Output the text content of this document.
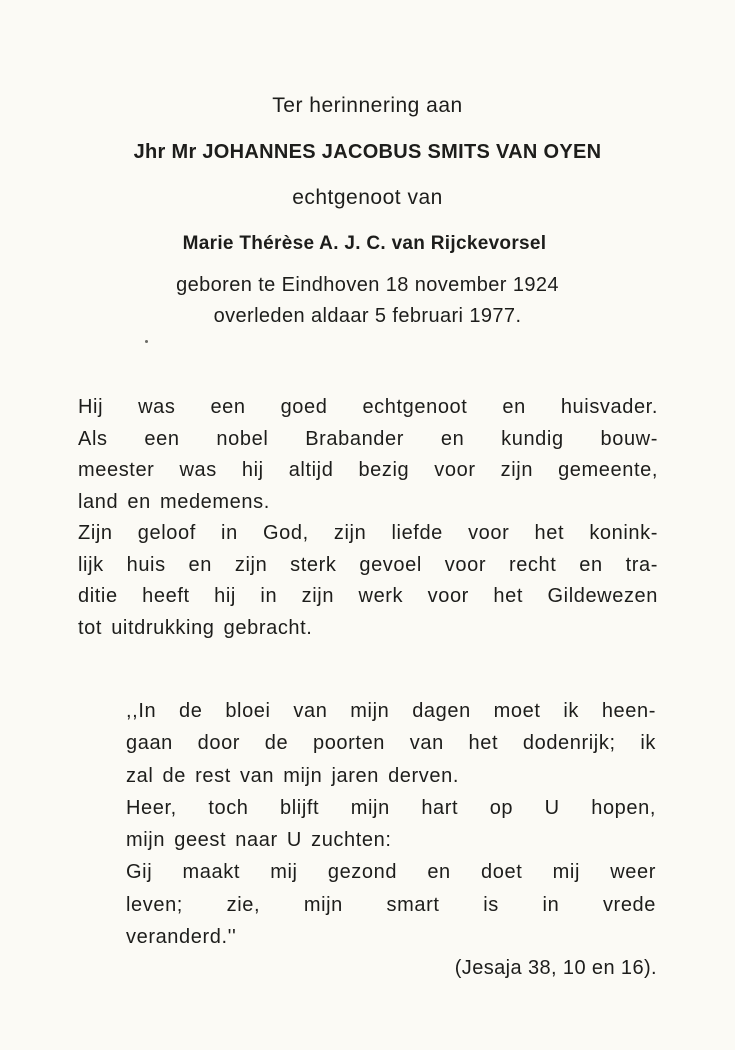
Ter herinnering aan
Jhr Mr JOHANNES JACOBUS SMITS VAN OYEN
echtgenoot van
Marie Thérèse A. J. C. van Rijckevorsel
geboren te Eindhoven 18 november 1924
overleden aldaar 5 februari 1977.
Hij was een goed echtgenoot en huisvader.
Als een nobel Brabander en kundig bouw-
meester was hij altijd bezig voor zijn gemeente,
land en medemens.
Zijn geloof in God, zijn liefde voor het konink-
lijk huis en zijn sterk gevoel voor recht en tra-
ditie heeft hij in zijn werk voor het Gildewezen
tot uitdrukking gebracht.
,,In de bloei van mijn dagen moet ik heen-
gaan door de poorten van het dodenrijk; ik
zal de rest van mijn jaren derven.
Heer, toch blijft mijn hart op U hopen,
mijn geest naar U zuchten:
Gij maakt mij gezond en doet mij weer
leven; zie, mijn smart is in vrede
veranderd.''
(Jesaja 38, 10 en 16).
